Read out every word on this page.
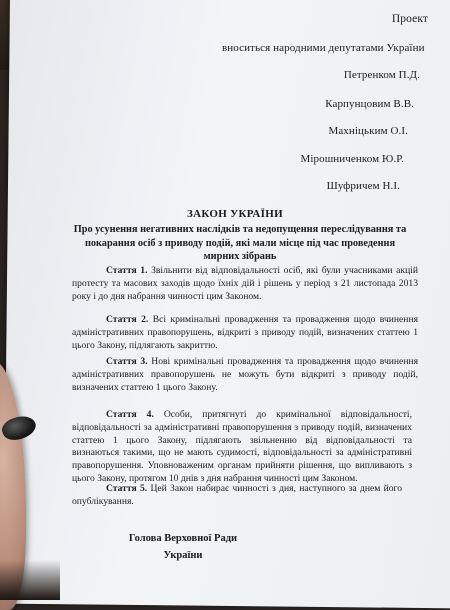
Проект
вноситься народними депутатами України
Петренком П.Д.
Карпунцовим В.В.
Махніцьким О.І.
Мірошниченком Ю.Р.
Шуфричем Н.І.
ЗАКОН УКРАЇНИ
Про усунення негативних наслідків та недопущення переслідування та покарання осіб з приводу подій, які мали місце під час проведення мирних зібрань
Стаття 1. Звільнити від відповідальності осіб, які були учасниками акцій протесту та масових заходів щодо їхніх дій і рішень у період з 21 листопада 2013 року і до дня набрання чинності цим Законом.
Стаття 2. Всі кримінальні провадження та провадження щодо вчинення адміністративних правопорушень, відкриті з приводу подій, визначених статтею 1 цього Закону, підлягають закриттю.
Стаття 3. Нові кримінальні провадження та провадження щодо вчинення адміністративних правопорушень не можуть бути відкриті з приводу подій, визначених статтею 1 цього Закону.
Стаття 4. Особи, притягнуті до кримінальної відповідальності, відповідальності за адміністративні правопорушення з приводу подій, визначених статтею 1 цього Закону, підлягають звільненню від відповідальності та визнаються такими, що не мають судимості, відповідальності за адміністративні правопорушення. Уповноваженим органам прийняти рішення, що випливають з цього Закону, протягом 10 днів з дня набрання чинності цим Законом.
Стаття 5. Цей Закон набирає чинності з дня, наступного за днем його опублікування.
Голова Верховної Ради
України
